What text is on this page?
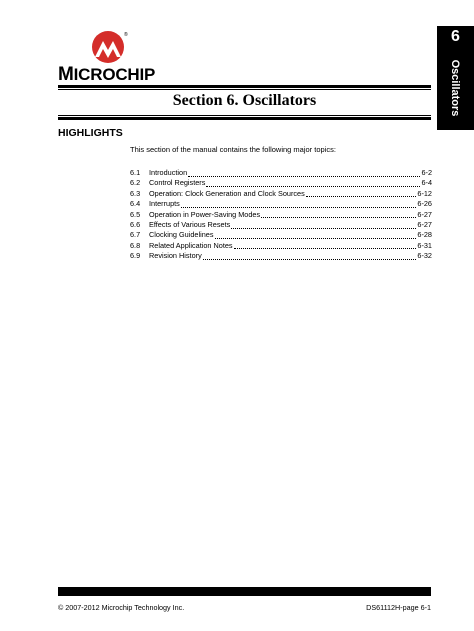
®
MICROCHIP
6
Oscillators
Section 6. Oscillators
HIGHLIGHTS
This section of the manual contains the following major topics:
6.1	Introduction	6-2
6.2	Control Registers	6-4
6.3	Operation: Clock Generation and Clock Sources	6-12
6.4	Interrupts	6-26
6.5	Operation in Power-Saving Modes	6-27
6.6	Effects of Various Resets	6-27
6.7	Clocking Guidelines	6-28
6.8	Related Application Notes	6-31
6.9	Revision History	6-32
© 2007-2012 Microchip Technology Inc.	DS61112H-page 6-1
